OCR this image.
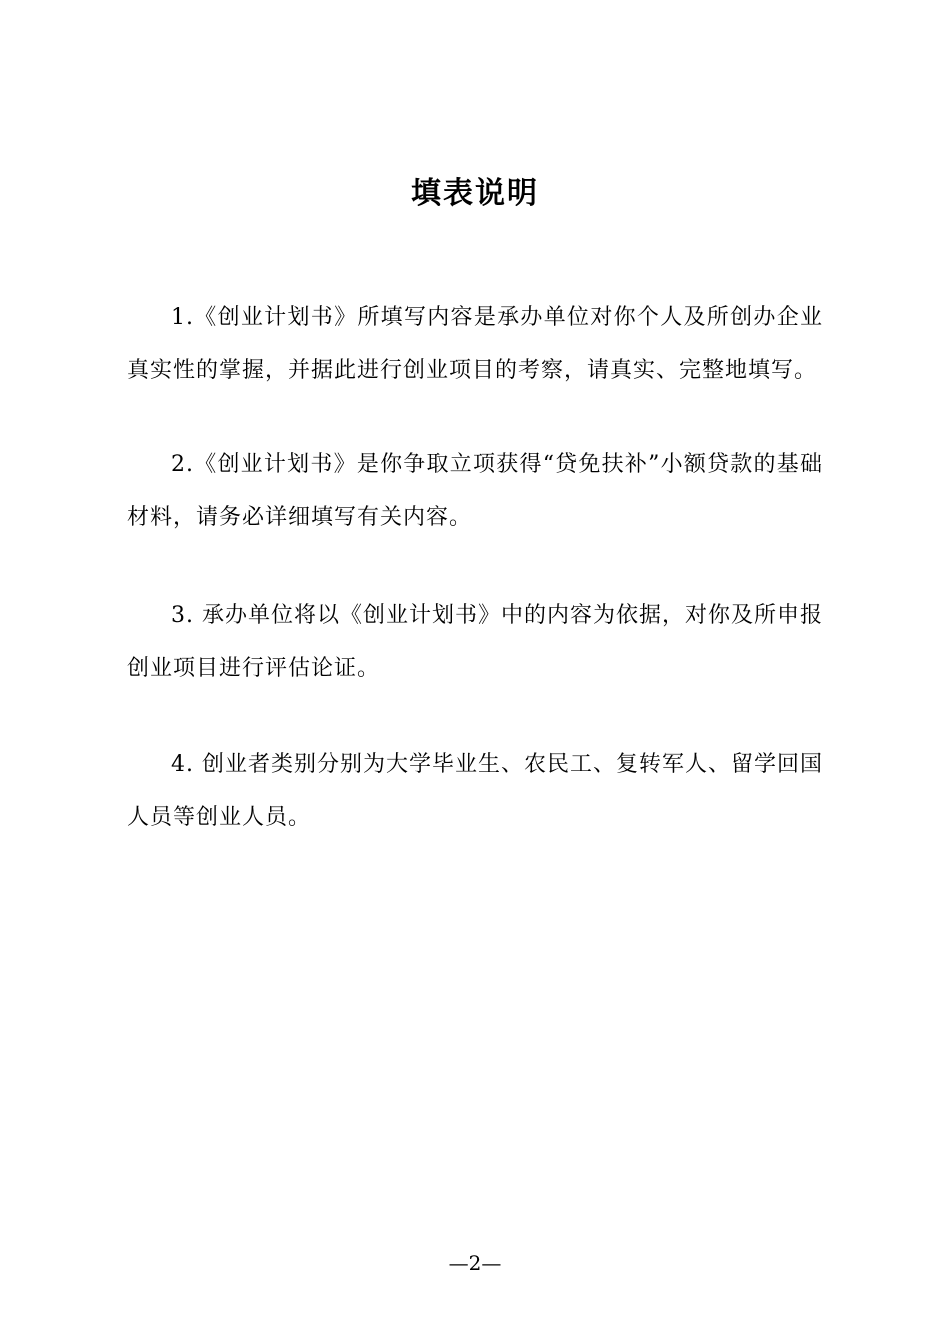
填表说明

1.《创业计划书》所填写内容是承办单位对你个人及所创办企业真实性的掌握，并据此进行创业项目的考察，请真实、完整地填写。

2.《创业计划书》是你争取立项获得“贷免扶补”小额贷款的基础材料，请务必详细填写有关内容。

3. 承办单位将以《创业计划书》中的内容为依据，对你及所申报创业项目进行评估论证。

4. 创业者类别分别为大学毕业生、农民工、复转军人、留学回国人员等创业人员。

—2—
